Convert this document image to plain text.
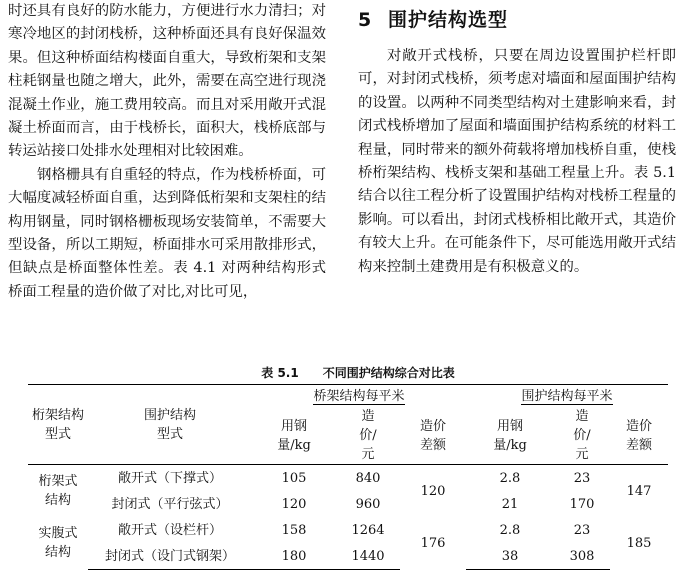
时还具有良好的防水能力，方便进行水力清扫；对寒冷地区的封闭栈桥，这种桥面还具有良好保温效果。但这种桥面结构楼面自重大，导致桁架和支架柱耗钢量也随之增大，此外，需要在高空进行现浇混凝土作业，施工费用较高。而且对采用敞开式混凝土桥面而言，由于栈桥长，面积大，栈桥底部与转运站接口处排水处理相对比较困难。

钢格栅具有自重轻的特点，作为栈桥桥面，可大幅度减轻桥面自重，达到降低桁架和支架柱的结构用钢量，同时钢格栅板现场安装简单，不需要大型设备，所以工期短，桥面排水可采用散排形式，但缺点是桥面整体性差。表 4.1 对两种结构形式桥面工程量的造价做了对比,对比可见，

5 围护结构选型

对敞开式栈桥，只要在周边设置围护栏杆即可，对封闭式栈桥，须考虑对墙面和屋面围护结构的设置。以两种不同类型结构对土建影响来看，封闭式栈桥增加了屋面和墙面围护结构系统的材料工程量，同时带来的额外荷载将增加栈桥自重，使栈桥桁架结构、栈桥支架和基础工程量上升。表 5.1 结合以往工程分析了设置围护结构对栈桥工程量的影响。可以看出，封闭式栈桥相比敞开式，其造价有较大上升。在可能条件下，尽可能选用敞开式结构来控制土建费用是有积极意义的。

表 5.1 不同围护结构综合对比表
桁架结构型式	围护结构型式	桥架结构每平米			围护结构每平米		

		用钢量/kg	造价/元	造价差额	用钢量/kg	造价/元	造价差额

桁架式结构	敞开式（下撑式）	105	840	120	2.8	23	147
	封闭式（平行弦式）	120	960		21	170	

实腹式结构	敞开式（设栏杆）	158	1264	176	2.8	23	185
	封闭式（设门式钢架）	180	1440		38	308	
